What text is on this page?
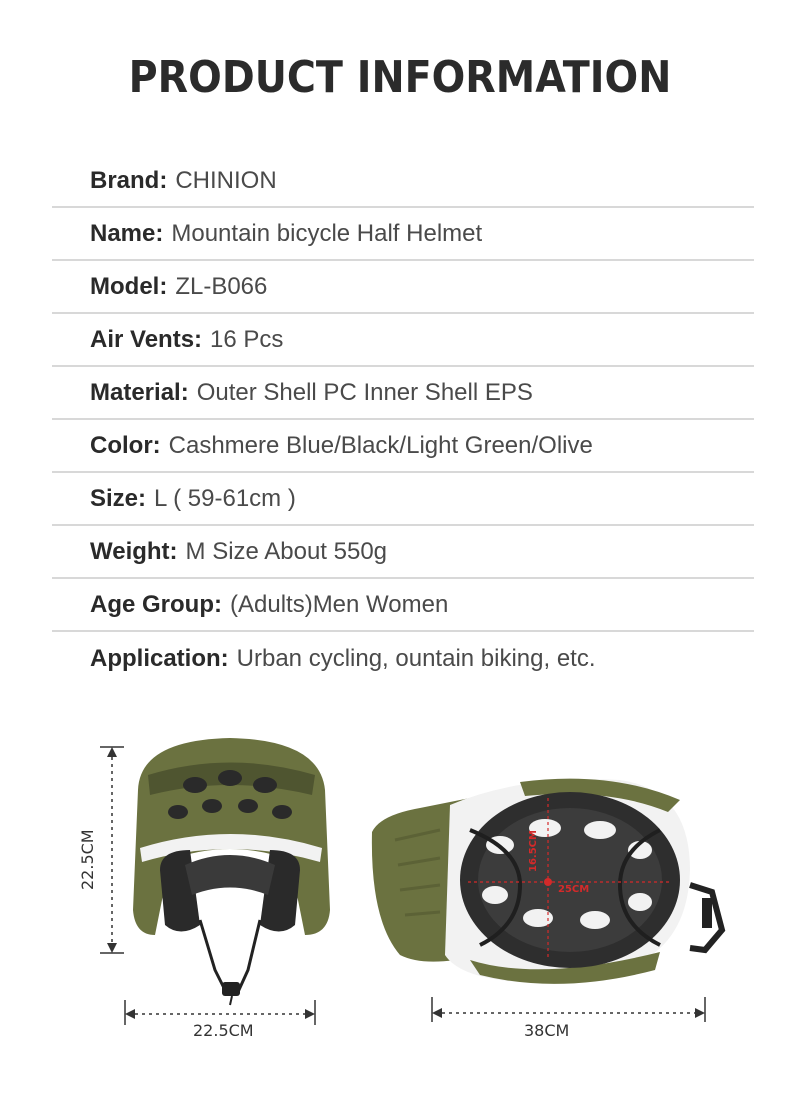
PRODUCT INFORMATION
Brand: CHINION
Name: Mountain bicycle Half Helmet
Model: ZL-B066
Air Vents: 16 Pcs
Material: Outer Shell PC Inner Shell EPS
Color: Cashmere Blue/Black/Light Green/Olive
Size: L ( 59-61cm )
Weight: M Size About 550g
Age Group: (Adults)Men Women
Application: Urban cycling, ountain biking, etc.
22.5CM
22.5CM	38CM
16.5CM
25CM
